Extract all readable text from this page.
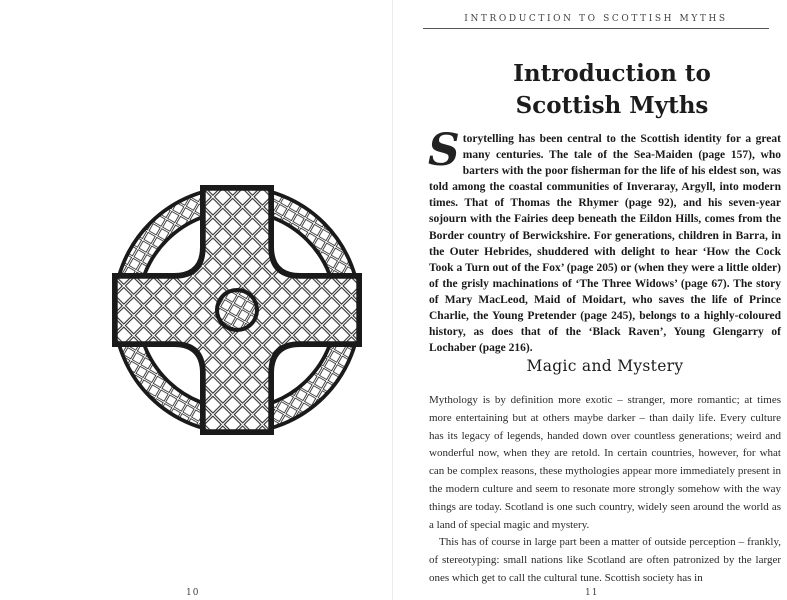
10
INTRODUCTION TO SCOTTISH MYTHS
Introduction to
Scottish Myths

S torytelling has been central to the Scottish identity for a great many centuries. The tale of the Sea-Maiden (page 157), who barters with the poor fisherman for the life of his eldest son, was told among the coastal communities of Inveraray, Argyll, into modern times. That of Thomas the Rhymer (page 92), and his seven-year sojourn with the Fairies deep beneath the Eildon Hills, comes from the Border country of Berwickshire. For generations, children in Barra, in the Outer Hebrides, shuddered with delight to hear ‘How the Cock Took a Turn out of the Fox’ (page 205) or (when they were a little older) of the grisly machinations of ‘The Three Widows’ (page 67). The story of Mary MacLeod, Maid of Moidart, who saves the life of Prince Charlie, the Young Pretender (page 245), belongs to a highly-coloured history, as does that of the ‘Black Raven’, Young Glengarry of Lochaber (page 216).

Magic and Mystery

Mythology is by definition more exotic – stranger, more romantic; at times more entertaining but at others maybe darker – than daily life. Every culture has its legacy of legends, handed down over countless generations; weird and wonderful now, when they are retold. In certain countries, however, for what can be complex reasons, these mythologies appear more immediately present in the modern culture and seem to resonate more strongly somehow with the way things are today. Scotland is one such country, widely seen around the world as a land of special magic and mystery.

This has of course in large part been a matter of outside perception – frankly, of stereotyping: small nations like Scotland are often patronized by the larger ones which get to call the cultural tune. Scottish society has in

11
